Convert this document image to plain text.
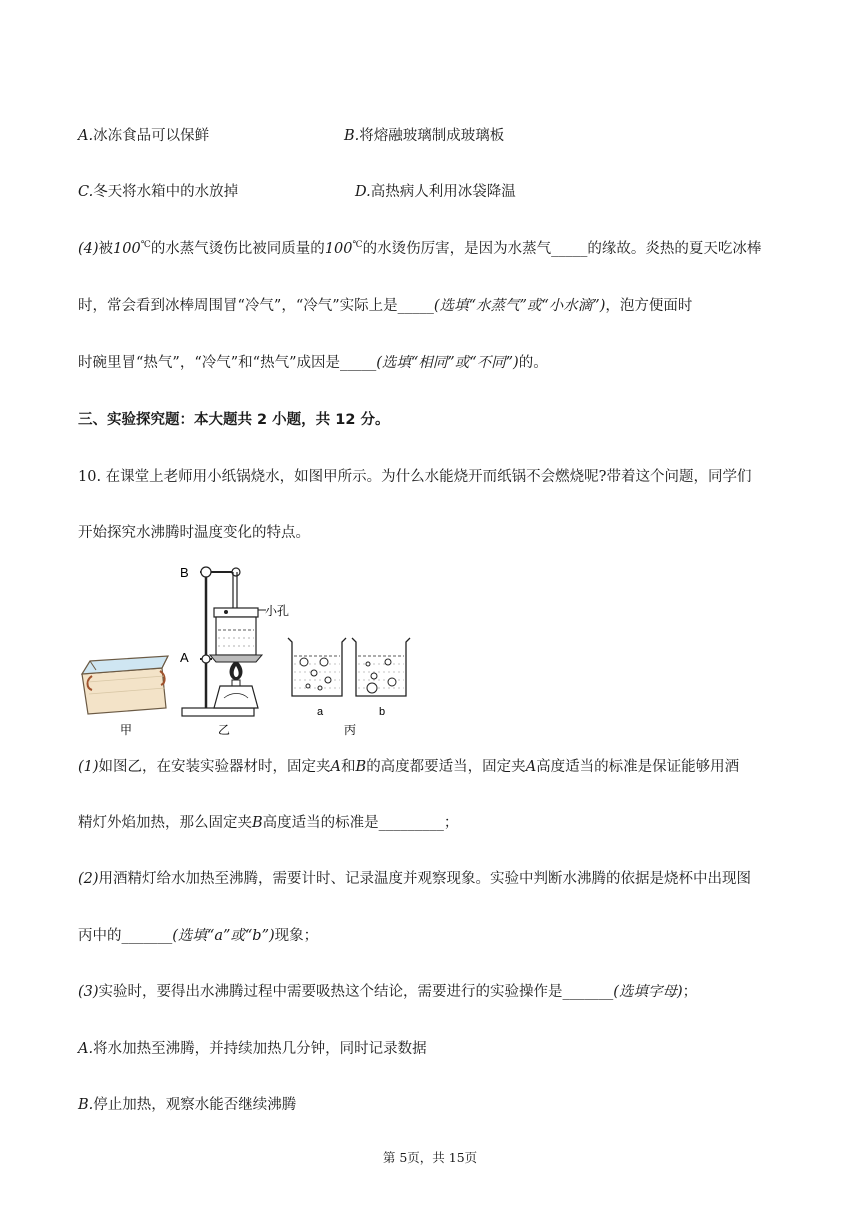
A.冰冻食品可以保鲜	B.将熔融玻璃制成玻璃板
C.冬天将水箱中的水放掉	D.高热病人利用冰袋降温
(4)被100℃的水蒸气烫伤比被同质量的100℃的水烫伤厉害，是因为水蒸气_____的缘故。炎热的夏天吃冰棒
时，常会看到冰棒周围冒“冷气”，“冷气”实际上是_____(选填“水蒸气”或“小水滴”)，泡方便面时
时碗里冒“热气”，“冷气”和“热气”成因是_____(选填“相同”或“不同”)的。
三、实验探究题：本大题共 2 小题，共 12 分。
10. 在课堂上老师用小纸锅烧水，如图甲所示。为什么水能烧开而纸锅不会燃烧呢?带着这个问题，同学们
开始探究水沸腾时温度变化的特点。
甲
小孔
B
A
乙
a	b
丙
(1)如图乙，在安装实验器材时，固定夹A和B的高度都要适当，固定夹A高度适当的标准是保证能够用酒
精灯外焰加热，那么固定夹B高度适当的标准是_________；
(2)用酒精灯给水加热至沸腾，需要计时、记录温度并观察现象。实验中判断水沸腾的依据是烧杯中出现图
丙中的_______(选填“a”或“b”)现象；
(3)实验时，要得出水沸腾过程中需要吸热这个结论，需要进行的实验操作是_______(选填字母)；
A.将水加热至沸腾，并持续加热几分钟，同时记录数据
B.停止加热，观察水能否继续沸腾
第 5页，共 15页
